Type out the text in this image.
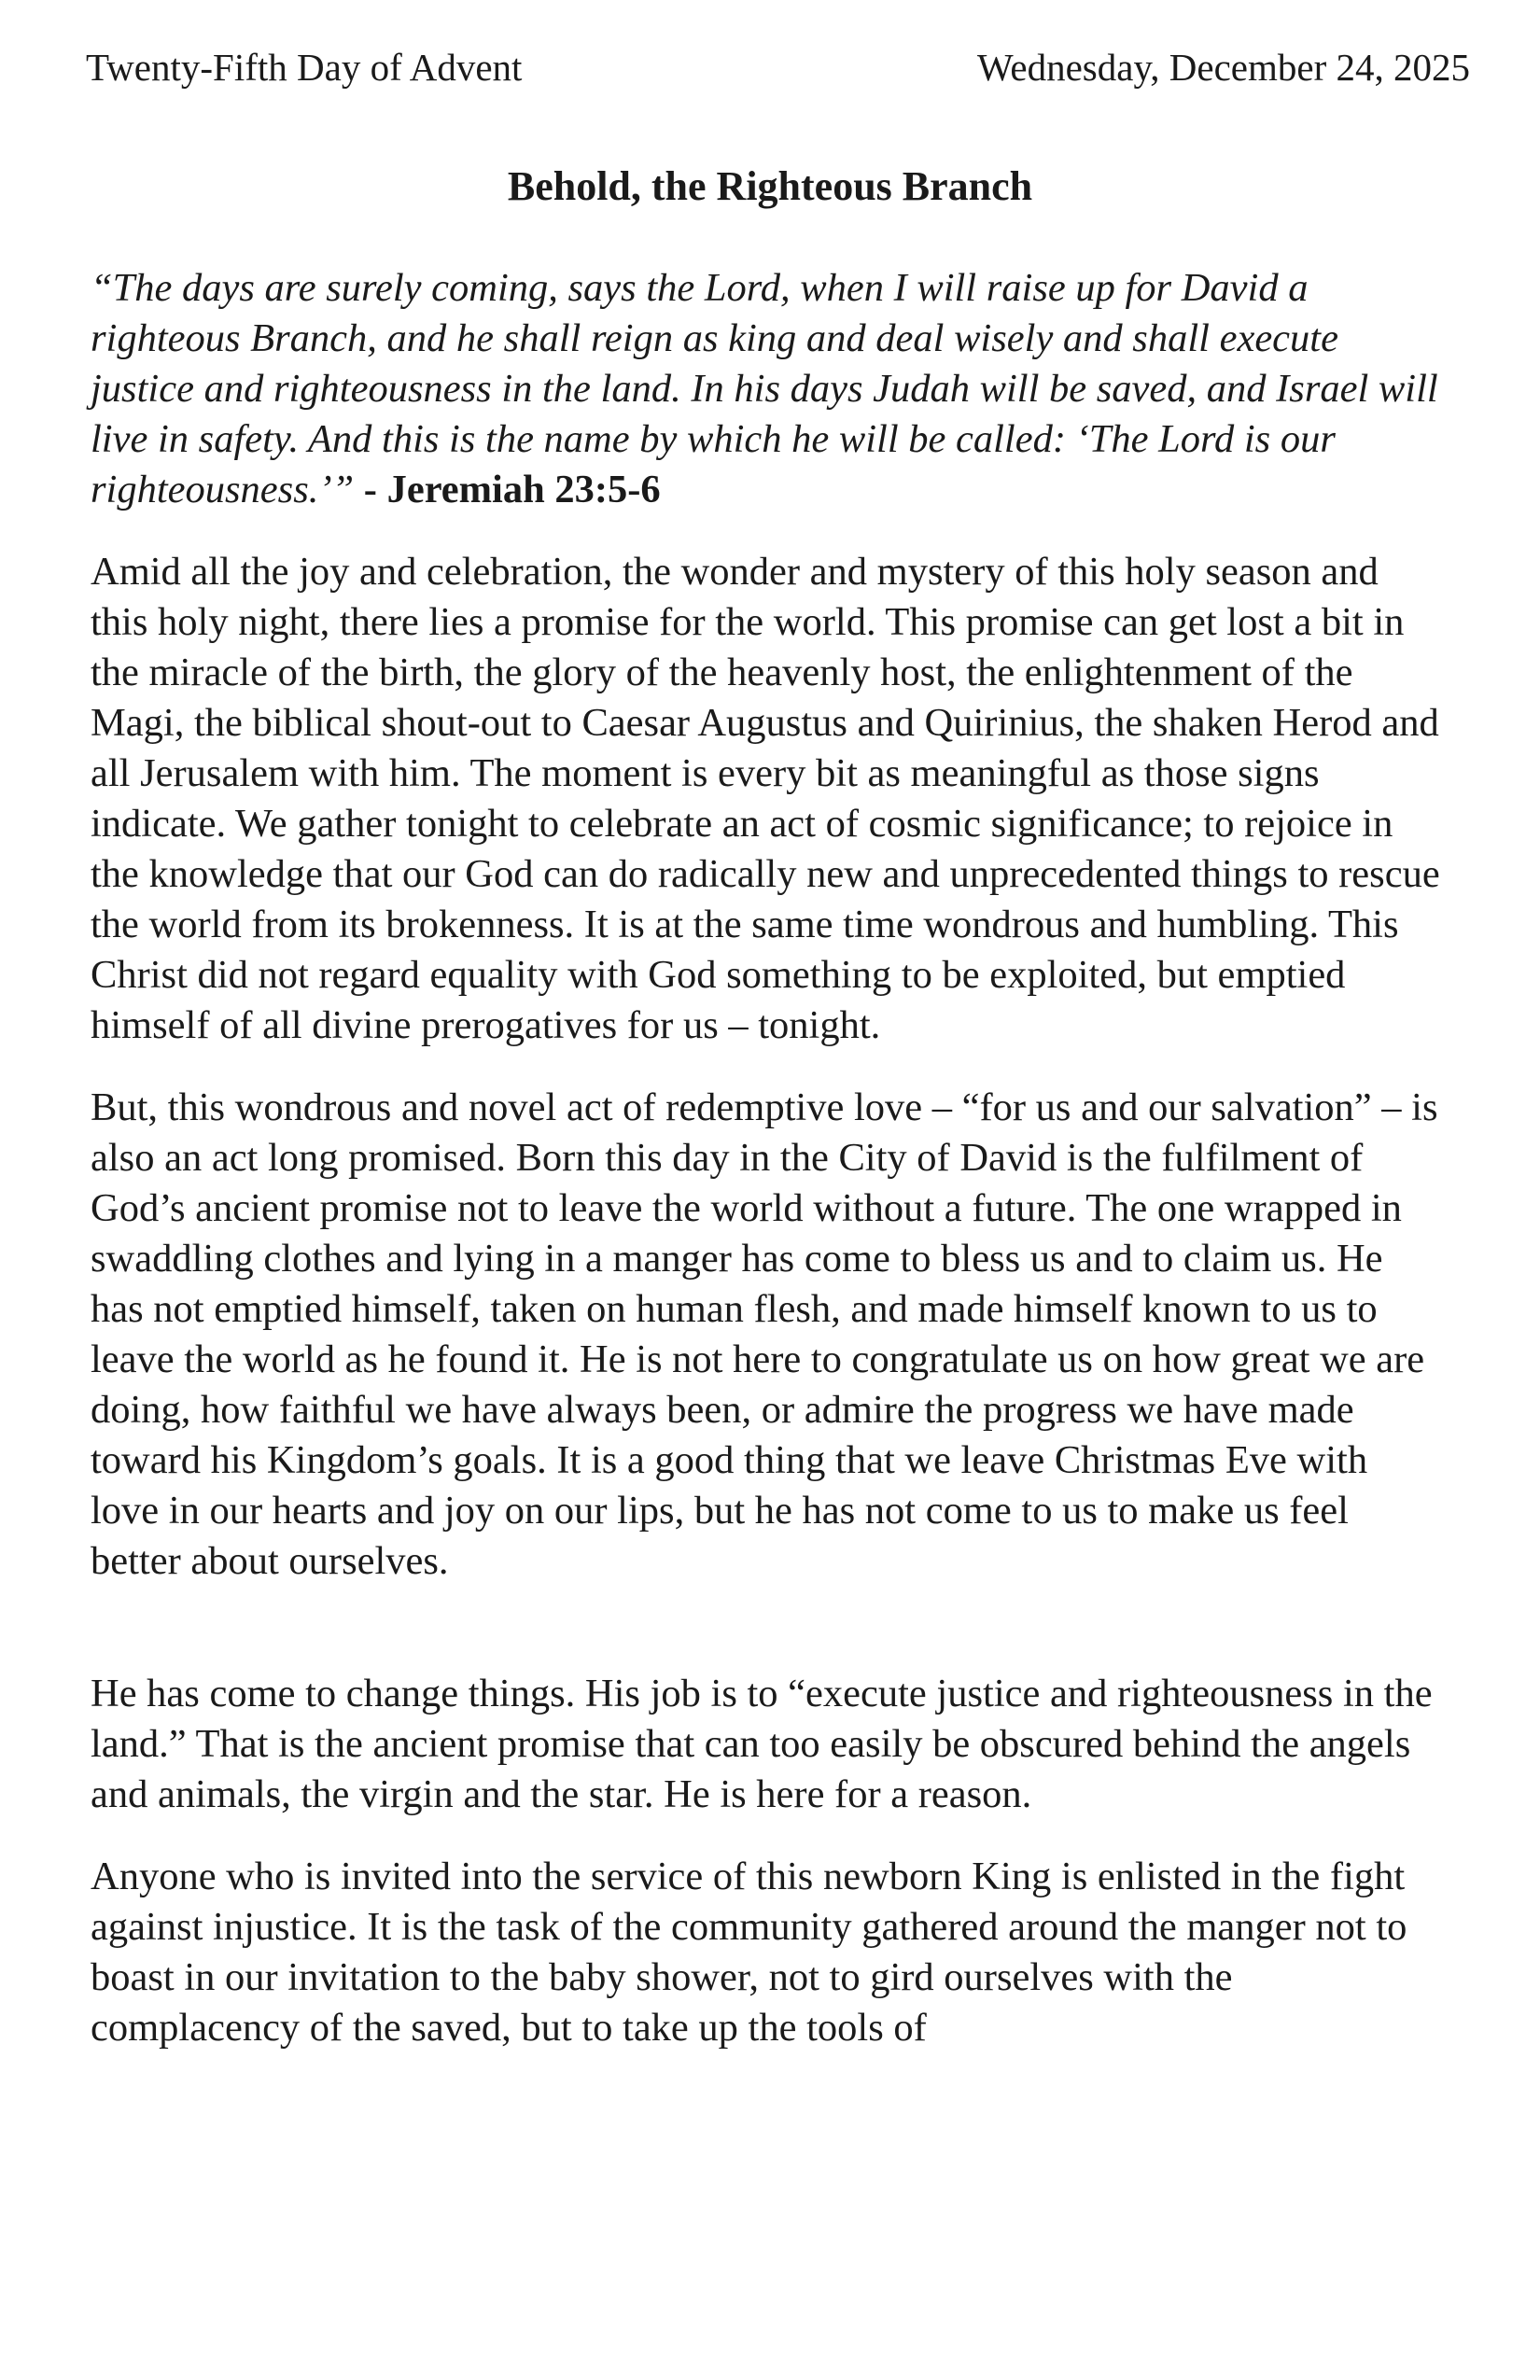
Twenty-Fifth Day of Advent	Wednesday, December 24, 2025
Behold, the Righteous Branch

“The days are surely coming, says the Lord, when I will raise up for David a righteous Branch, and he shall reign as king and deal wisely and shall execute justice and righteousness in the land. In his days Judah will be saved, and Israel will live in safety. And this is the name by which he will be called: ‘The Lord is our righteousness.’” - Jeremiah 23:5-6

Amid all the joy and celebration, the wonder and mystery of this holy season and this holy night, there lies a promise for the world. This promise can get lost a bit in the miracle of the birth, the glory of the heavenly host, the enlightenment of the Magi, the biblical shout-out to Caesar Augustus and Quirinius, the shaken Herod and all Jerusalem with him. The moment is every bit as meaningful as those signs indicate. We gather tonight to celebrate an act of cosmic significance; to rejoice in the knowledge that our God can do radically new and unprecedented things to rescue the world from its brokenness. It is at the same time wondrous and humbling. This Christ did not regard equality with God something to be exploited, but emptied himself of all divine prerogatives for us – tonight.

But, this wondrous and novel act of redemptive love – “for us and our salvation” – is also an act long promised. Born this day in the City of David is the fulfilment of God’s ancient promise not to leave the world without a future. The one wrapped in swaddling clothes and lying in a manger has come to bless us and to claim us. He has not emptied himself, taken on human flesh, and made himself known to us to leave the world as he found it. He is not here to congratulate us on how great we are doing, how faithful we have always been, or admire the progress we have made toward his Kingdom’s goals. It is a good thing that we leave Christmas Eve with love in our hearts and joy on our lips, but he has not come to us to make us feel better about ourselves.

He has come to change things. His job is to “execute justice and righteousness in the land.” That is the ancient promise that can too easily be obscured behind the angels and animals, the virgin and the star. He is here for a reason.

Anyone who is invited into the service of this newborn King is enlisted in the fight against injustice. It is the task of the community gathered around the manger not to boast in our invitation to the baby shower, not to gird ourselves with the complacency of the saved, but to take up the tools of
